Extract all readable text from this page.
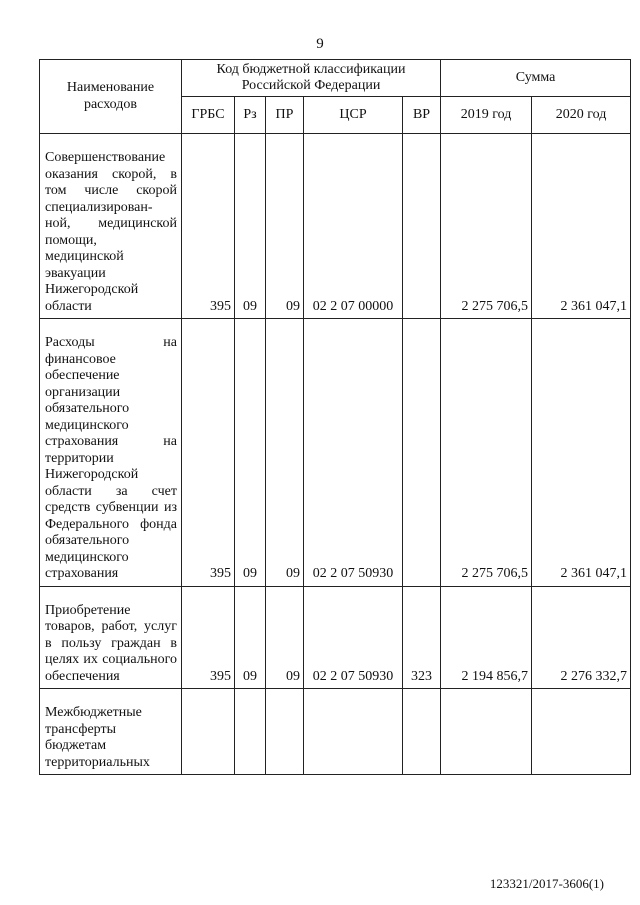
9
Наименование расходов	Код бюджетной классификации Российской Федерации					Сумма	
	ГРБС	Рз	ПР	ЦСР	ВР	2019 год	2020 год
Совершенствование оказания скорой, в том числе скорой специализирован-ной, медицинской помощи, медицинской эвакуации Нижегородской области	395	09	09	02 2 07 00000		2 275 706,5	2 361 047,1
Расходы на финансовое обеспечение организации обязательного медицинского страхования на территории Нижегородской области за счет средств субвенции из Федерального фонда обязательного медицинского страхования	395	09	09	02 2 07 50930		2 275 706,5	2 361 047,1
Приобретение товаров, работ, услуг в пользу граждан в целях их социального обеспечения	395	09	09	02 2 07 50930	323	2 194 856,7	2 276 332,7
Межбюджетные трансферты бюджетам территориальных							
123321/2017-3606(1)
